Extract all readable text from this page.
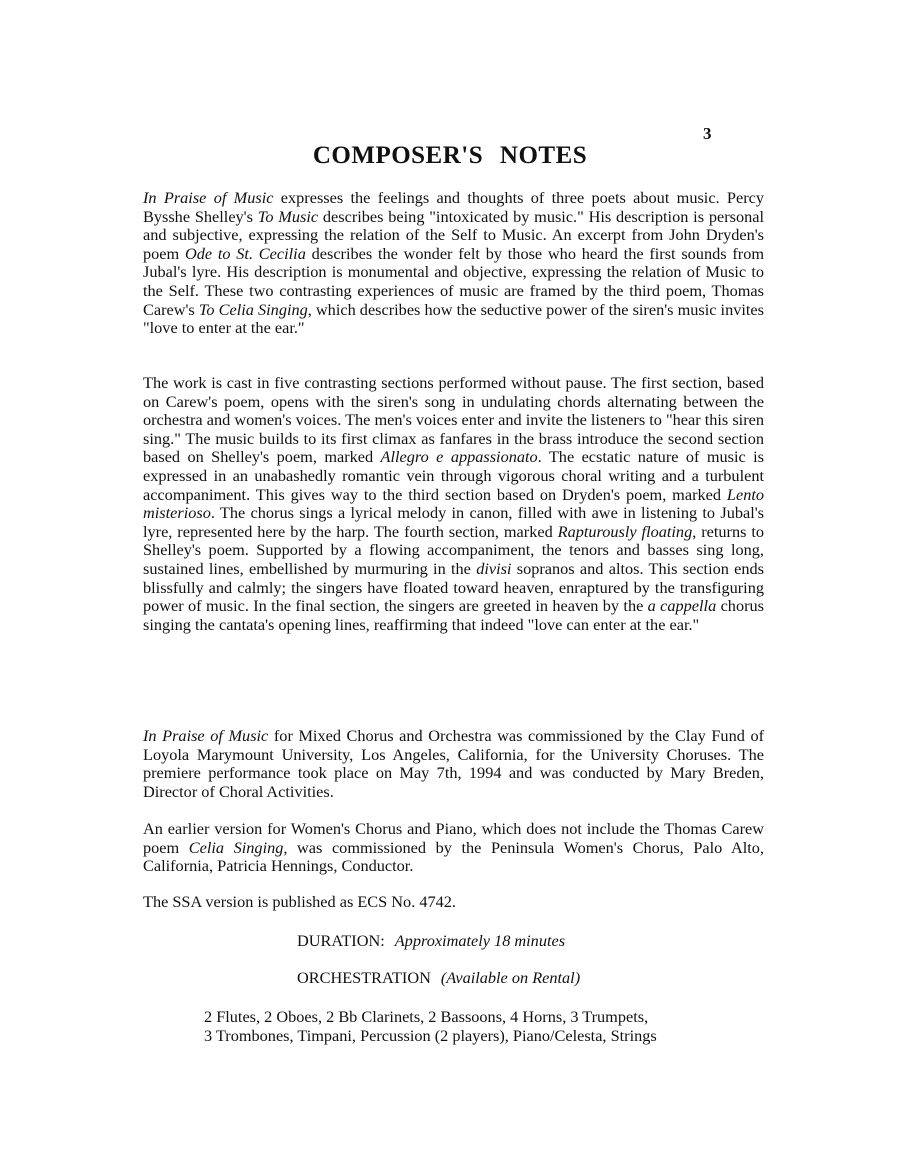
3
COMPOSER'S NOTES

In Praise of Music expresses the feelings and thoughts of three poets about music. Percy Bysshe Shelley's To Music describes being "intoxicated by music." His description is personal and subjective, expressing the relation of the Self to Music. An excerpt from John Dryden's poem Ode to St. Cecilia describes the wonder felt by those who heard the first sounds from Jubal's lyre. His description is monumental and objective, expressing the relation of Music to the Self. These two contrasting experiences of music are framed by the third poem, Thomas Carew's To Celia Singing, which describes how the seductive power of the siren's music invites "love to enter at the ear."

The work is cast in five contrasting sections performed without pause. The first section, based on Carew's poem, opens with the siren's song in undulating chords alternating between the orchestra and women's voices. The men's voices enter and invite the listeners to "hear this siren sing." The music builds to its first climax as fanfares in the brass introduce the second section based on Shelley's poem, marked Allegro e appassionato. The ecstatic nature of music is expressed in an unabashedly romantic vein through vigorous choral writing and a turbulent accompaniment. This gives way to the third section based on Dryden's poem, marked Lento misterioso. The chorus sings a lyrical melody in canon, filled with awe in listening to Jubal's lyre, represented here by the harp. The fourth section, marked Rapturously floating, returns to Shelley's poem. Supported by a flowing accompaniment, the tenors and basses sing long, sustained lines, embellished by murmuring in the divisi sopranos and altos. This section ends blissfully and calmly; the singers have floated toward heaven, enraptured by the transfiguring power of music. In the final section, the singers are greeted in heaven by the a cappella chorus singing the cantata's opening lines, reaffirming that indeed "love can enter at the ear."

In Praise of Music for Mixed Chorus and Orchestra was commissioned by the Clay Fund of Loyola Marymount University, Los Angeles, California, for the University Choruses. The premiere performance took place on May 7th, 1994 and was conducted by Mary Breden, Director of Choral Activities.

An earlier version for Women's Chorus and Piano, which does not include the Thomas Carew poem Celia Singing, was commissioned by the Peninsula Women's Chorus, Palo Alto, California, Patricia Hennings, Conductor.

The SSA version is published as ECS No. 4742.
DURATION: Approximately 18 minutes
ORCHESTRATION (Available on Rental)
2 Flutes, 2 Oboes, 2 Bb Clarinets, 2 Bassoons, 4 Horns, 3 Trumpets,
3 Trombones, Timpani, Percussion (2 players), Piano/Celesta, Strings
